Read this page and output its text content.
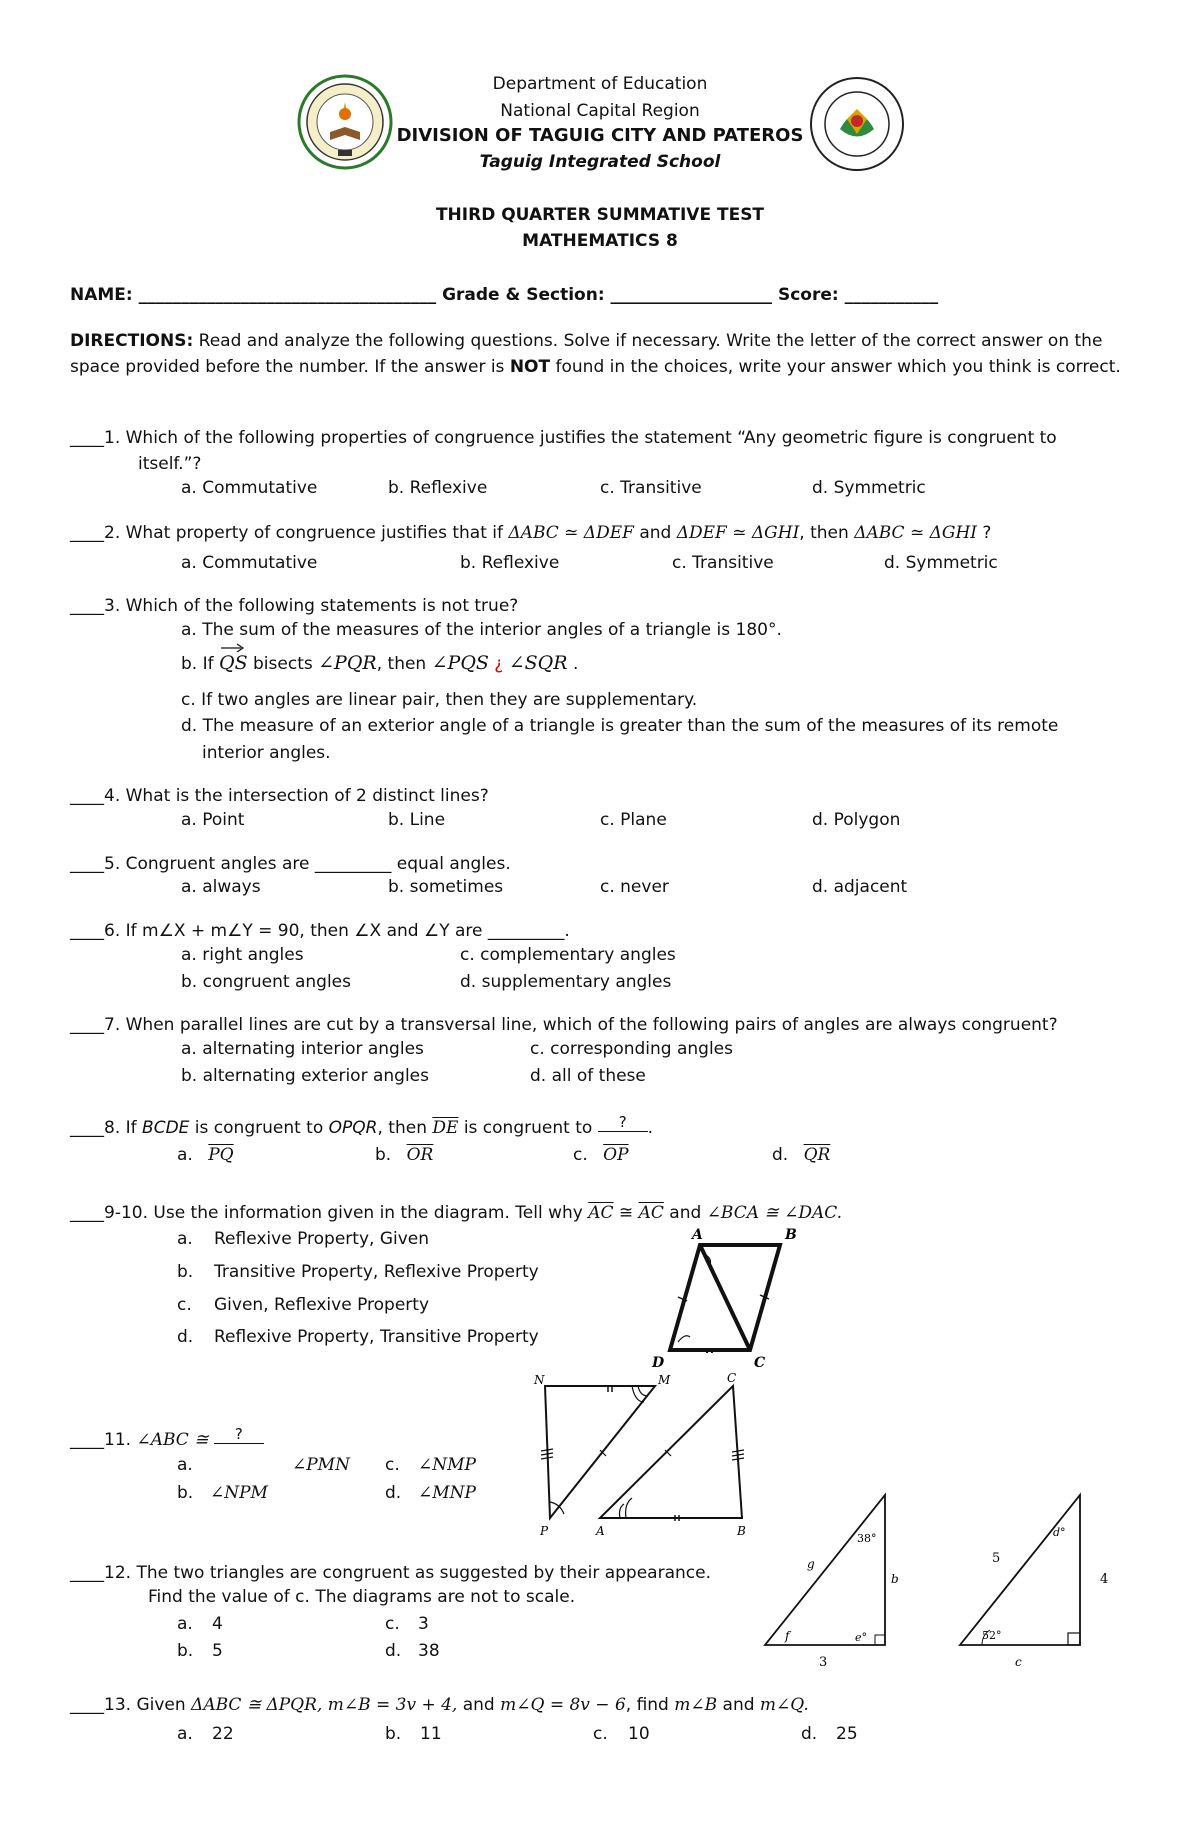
Department of Education
National Capital Region
DIVISION OF TAGUIG CITY AND PATEROS
Taguig Integrated School
THIRD QUARTER SUMMATIVE TEST
MATHEMATICS 8
NAME: ___________________________________ Grade & Section: ___________________ Score: ___________
DIRECTIONS: Read and analyze the following questions. Solve if necessary. Write the letter of the correct answer on the space provided before the number. If the answer is NOT found in the choices, write your answer which you think is correct.
____1. Which of the following properties of congruence justifies the statement “Any geometric figure is congruent to
itself.”?
a. Commutative	b. Reflexive	c. Transitive	d. Symmetric
____2. What property of congruence justifies that if ΔABC ≃ ΔDEF and ΔDEF ≃ ΔGHI, then ΔABC ≃ ΔGHI ?
a. Commutative	b. Reflexive	c. Transitive	d. Symmetric
____3. Which of the following statements is not true?
a. The sum of the measures of the interior angles of a triangle is 180°.
b. If
QS bisects ∠PQR, then ∠PQS ¿ ∠SQR .
c. If two angles are linear pair, then they are supplementary.
d. The measure of an exterior angle of a triangle is greater than the sum of the measures of its remote
interior angles.
____4. What is the intersection of 2 distinct lines?
a. Point	b. Line	c. Plane	d. Polygon
____5. Congruent angles are _________ equal angles.
a. always	b. sometimes	c. never	d. adjacent
____6. If m∠X + m∠Y = 90, then ∠X and ∠Y are _________.
a. right angles
b. congruent angles
c. complementary angles
d. supplementary angles
____7. When parallel lines are cut by a transversal line, which of the following pairs of angles are always congruent?
a. alternating interior angles
b. alternating exterior angles
c. corresponding angles
d. all of these
____8. If BCDE is congruent to OPQR, then $\overline{DE}$ is congruent to ? .
a. $\overline{PQ}$	b. $\overline{OR}$	c. $\overline{OP}$	d. $\overline{QR}$
____9-10. Use the information given in the diagram. Tell why $\overline{AC}$ ≅ $\overline{AC}$ and ∠BCA ≅ ∠DAC.
a. Reflexive Property, Given
b. Transitive Property, Reflexive Property
c. Given, Reflexive Property
d. Reflexive Property, Transitive Property
A	B
C
D
____11. ∠ABC ≅ ?
a.	∠PMN c. ∠NMP
b. ∠NPM	d. ∠MNP
N	M	C
P	A	B
____12. The two triangles are congruent as suggested by their appearance.
Find the value of c. The diagrams are not to scale.
a. 4	c. 3
b. 5	d. 38
g
38°
b
f	e°
3
5
d°
4
52°
c
____13. Given ΔABC ≅ ΔPQR, m∠B = 3v + 4, and m∠Q = 8v − 6, find m∠B and m∠Q.
a. 22	b. 11	c. 10	d. 25
